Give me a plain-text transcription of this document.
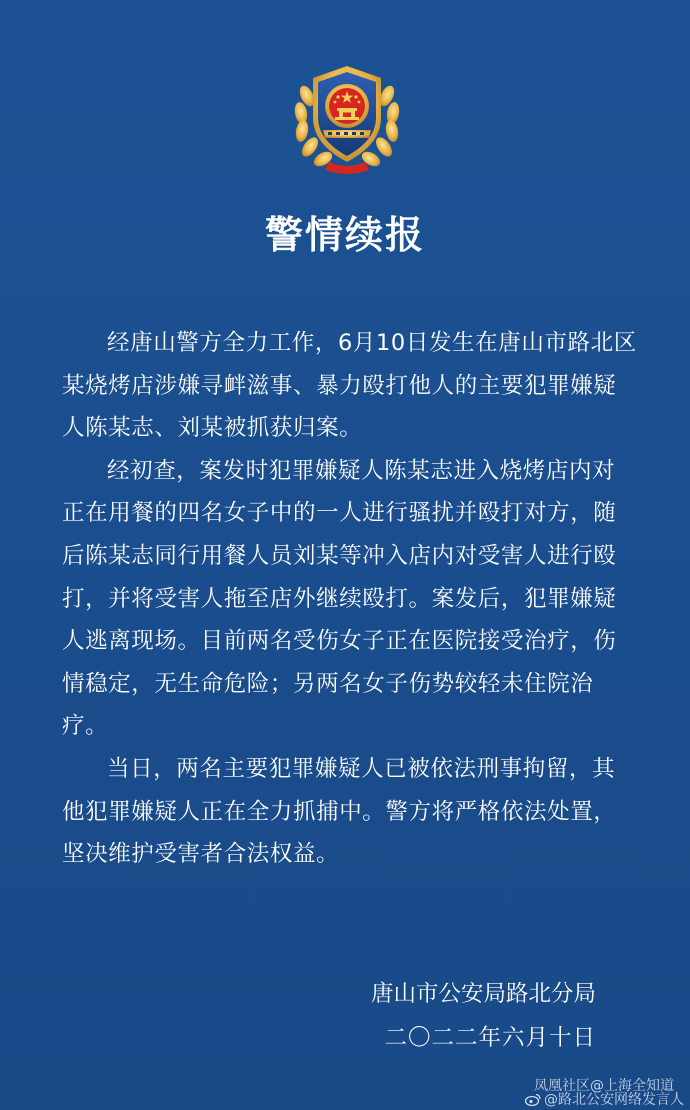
警情续报

经唐山警方全力工作，6月10日发生在唐山市路北区某烧烤店涉嫌寻衅滋事、暴力殴打他人的主要犯罪嫌疑人陈某志、刘某被抓获归案。

经初查，案发时犯罪嫌疑人陈某志进入烧烤店内对正在用餐的四名女子中的一人进行骚扰并殴打对方，随后陈某志同行用餐人员刘某等冲入店内对受害人进行殴打，并将受害人拖至店外继续殴打。案发后，犯罪嫌疑人逃离现场。目前两名受伤女子正在医院接受治疗，伤情稳定，无生命危险；另两名女子伤势较轻未住院治疗。

当日，两名主要犯罪嫌疑人已被依法刑事拘留，其他犯罪嫌疑人正在全力抓捕中。警方将严格依法处置，坚决维护受害者合法权益。

唐山市公安局路北分局
二〇二二年六月十日
凤凰社区@上海全知道
@路北公安网络发言人
